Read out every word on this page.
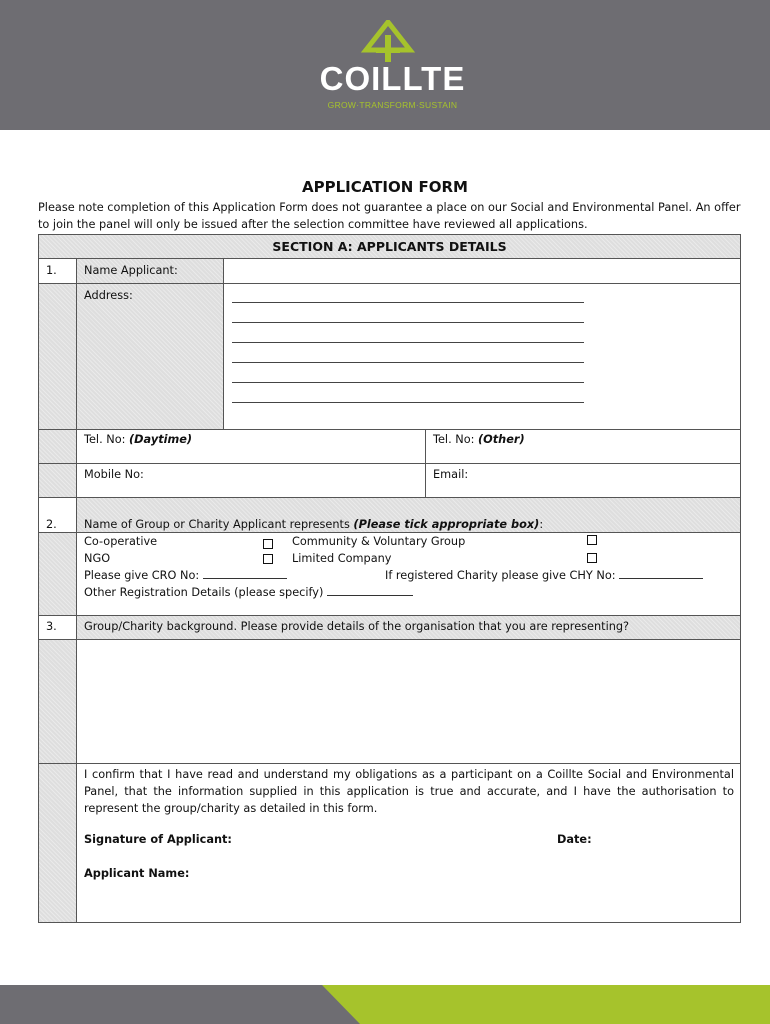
COILLTE
GROW·TRANSFORM·SUSTAIN
APPLICATION FORM
Please note completion of this Application Form does not guarantee a place on our Social and Environmental Panel. An offer to join the panel will only be issued after the selection committee have reviewed all applications.
SECTION A: APPLICANTS DETAILS
1. Name Applicant:
Address:
Tel. No: (Daytime)	Tel. No: (Other)
Mobile No:	Email:
2. Name of Group or Charity Applicant represents (Please tick appropriate box):
Co-operative	Community & Voluntary Group
NGO	Limited Company
Please give CRO No:	If registered Charity please give CHY No:
Other Registration Details (please specify)
3. Group/Charity background. Please provide details of the organisation that you are representing?
I confirm that I have read and understand my obligations as a participant on a Coillte Social and Environmental Panel, that the information supplied in this application is true and accurate, and I have the authorisation to represent the group/charity as detailed in this form.
Signature of Applicant:	Date:
Applicant Name:
